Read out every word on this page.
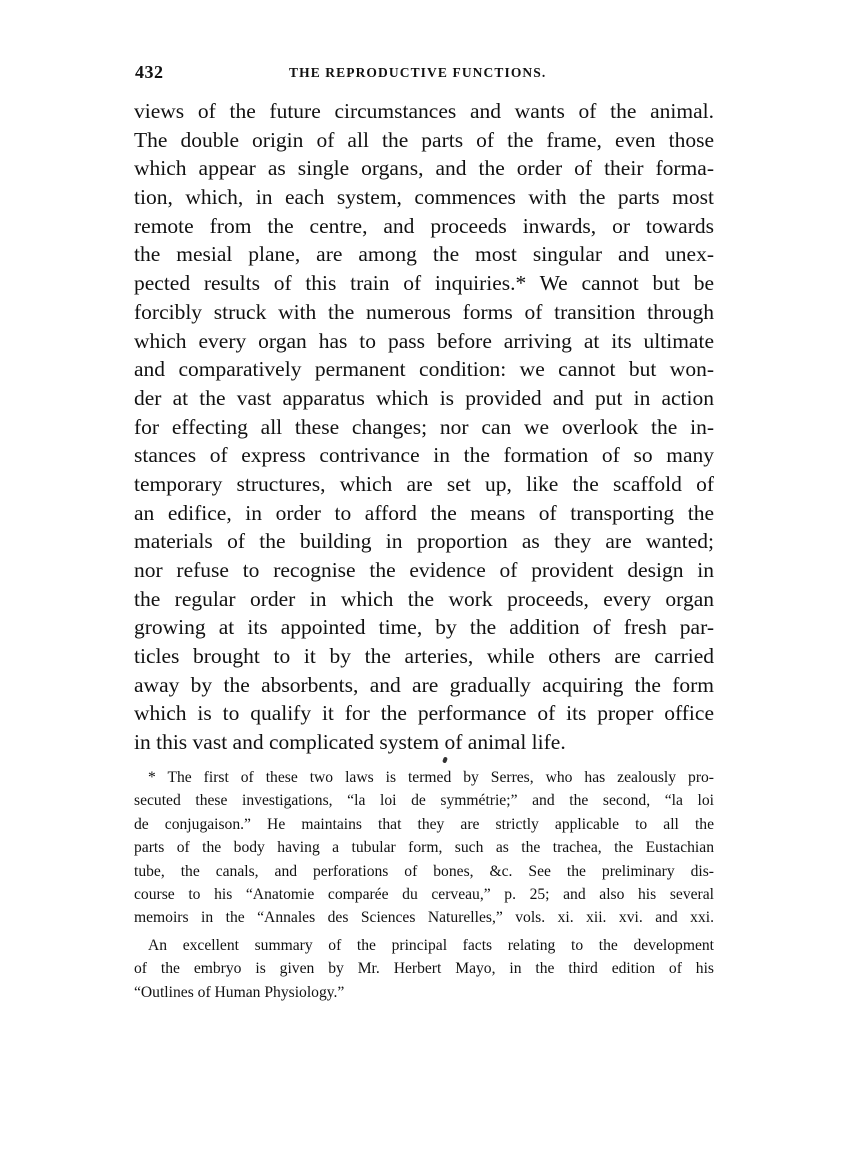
432	THE REPRODUCTIVE FUNCTIONS.
views of the future circumstances and wants of the animal.
The double origin of all the parts of the frame, even those
which appear as single organs, and the order of their forma-
tion, which, in each system, commences with the parts most
remote from the centre, and proceeds inwards, or towards
the mesial plane, are among the most singular and unex-
pected results of this train of inquiries.* We cannot but be
forcibly struck with the numerous forms of transition through
which every organ has to pass before arriving at its ultimate
and comparatively permanent condition: we cannot but won-
der at the vast apparatus which is provided and put in action
for effecting all these changes; nor can we overlook the in-
stances of express contrivance in the formation of so many
temporary structures, which are set up, like the scaffold of
an edifice, in order to afford the means of transporting the
materials of the building in proportion as they are wanted;
nor refuse to recognise the evidence of provident design in
the regular order in which the work proceeds, every organ
growing at its appointed time, by the addition of fresh par-
ticles brought to it by the arteries, while others are carried
away by the absorbents, and are gradually acquiring the form
which is to qualify it for the performance of its proper office
in this vast and complicated system of animal life.
* The first of these two laws is termed by Serres, who has zealously pro-
secuted these investigations, “la loi de symmétrie;” and the second, “la loi
de conjugaison.” He maintains that they are strictly applicable to all the
parts of the body having a tubular form, such as the trachea, the Eustachian
tube, the canals, and perforations of bones, &c. See the preliminary dis-
course to his “Anatomie comparée du cerveau,” p. 25; and also his several
memoirs in the “Annales des Sciences Naturelles,” vols. xi. xii. xvi. and xxi.
An excellent summary of the principal facts relating to the development
of the embryo is given by Mr. Herbert Mayo, in the third edition of his
“Outlines of Human Physiology.”
